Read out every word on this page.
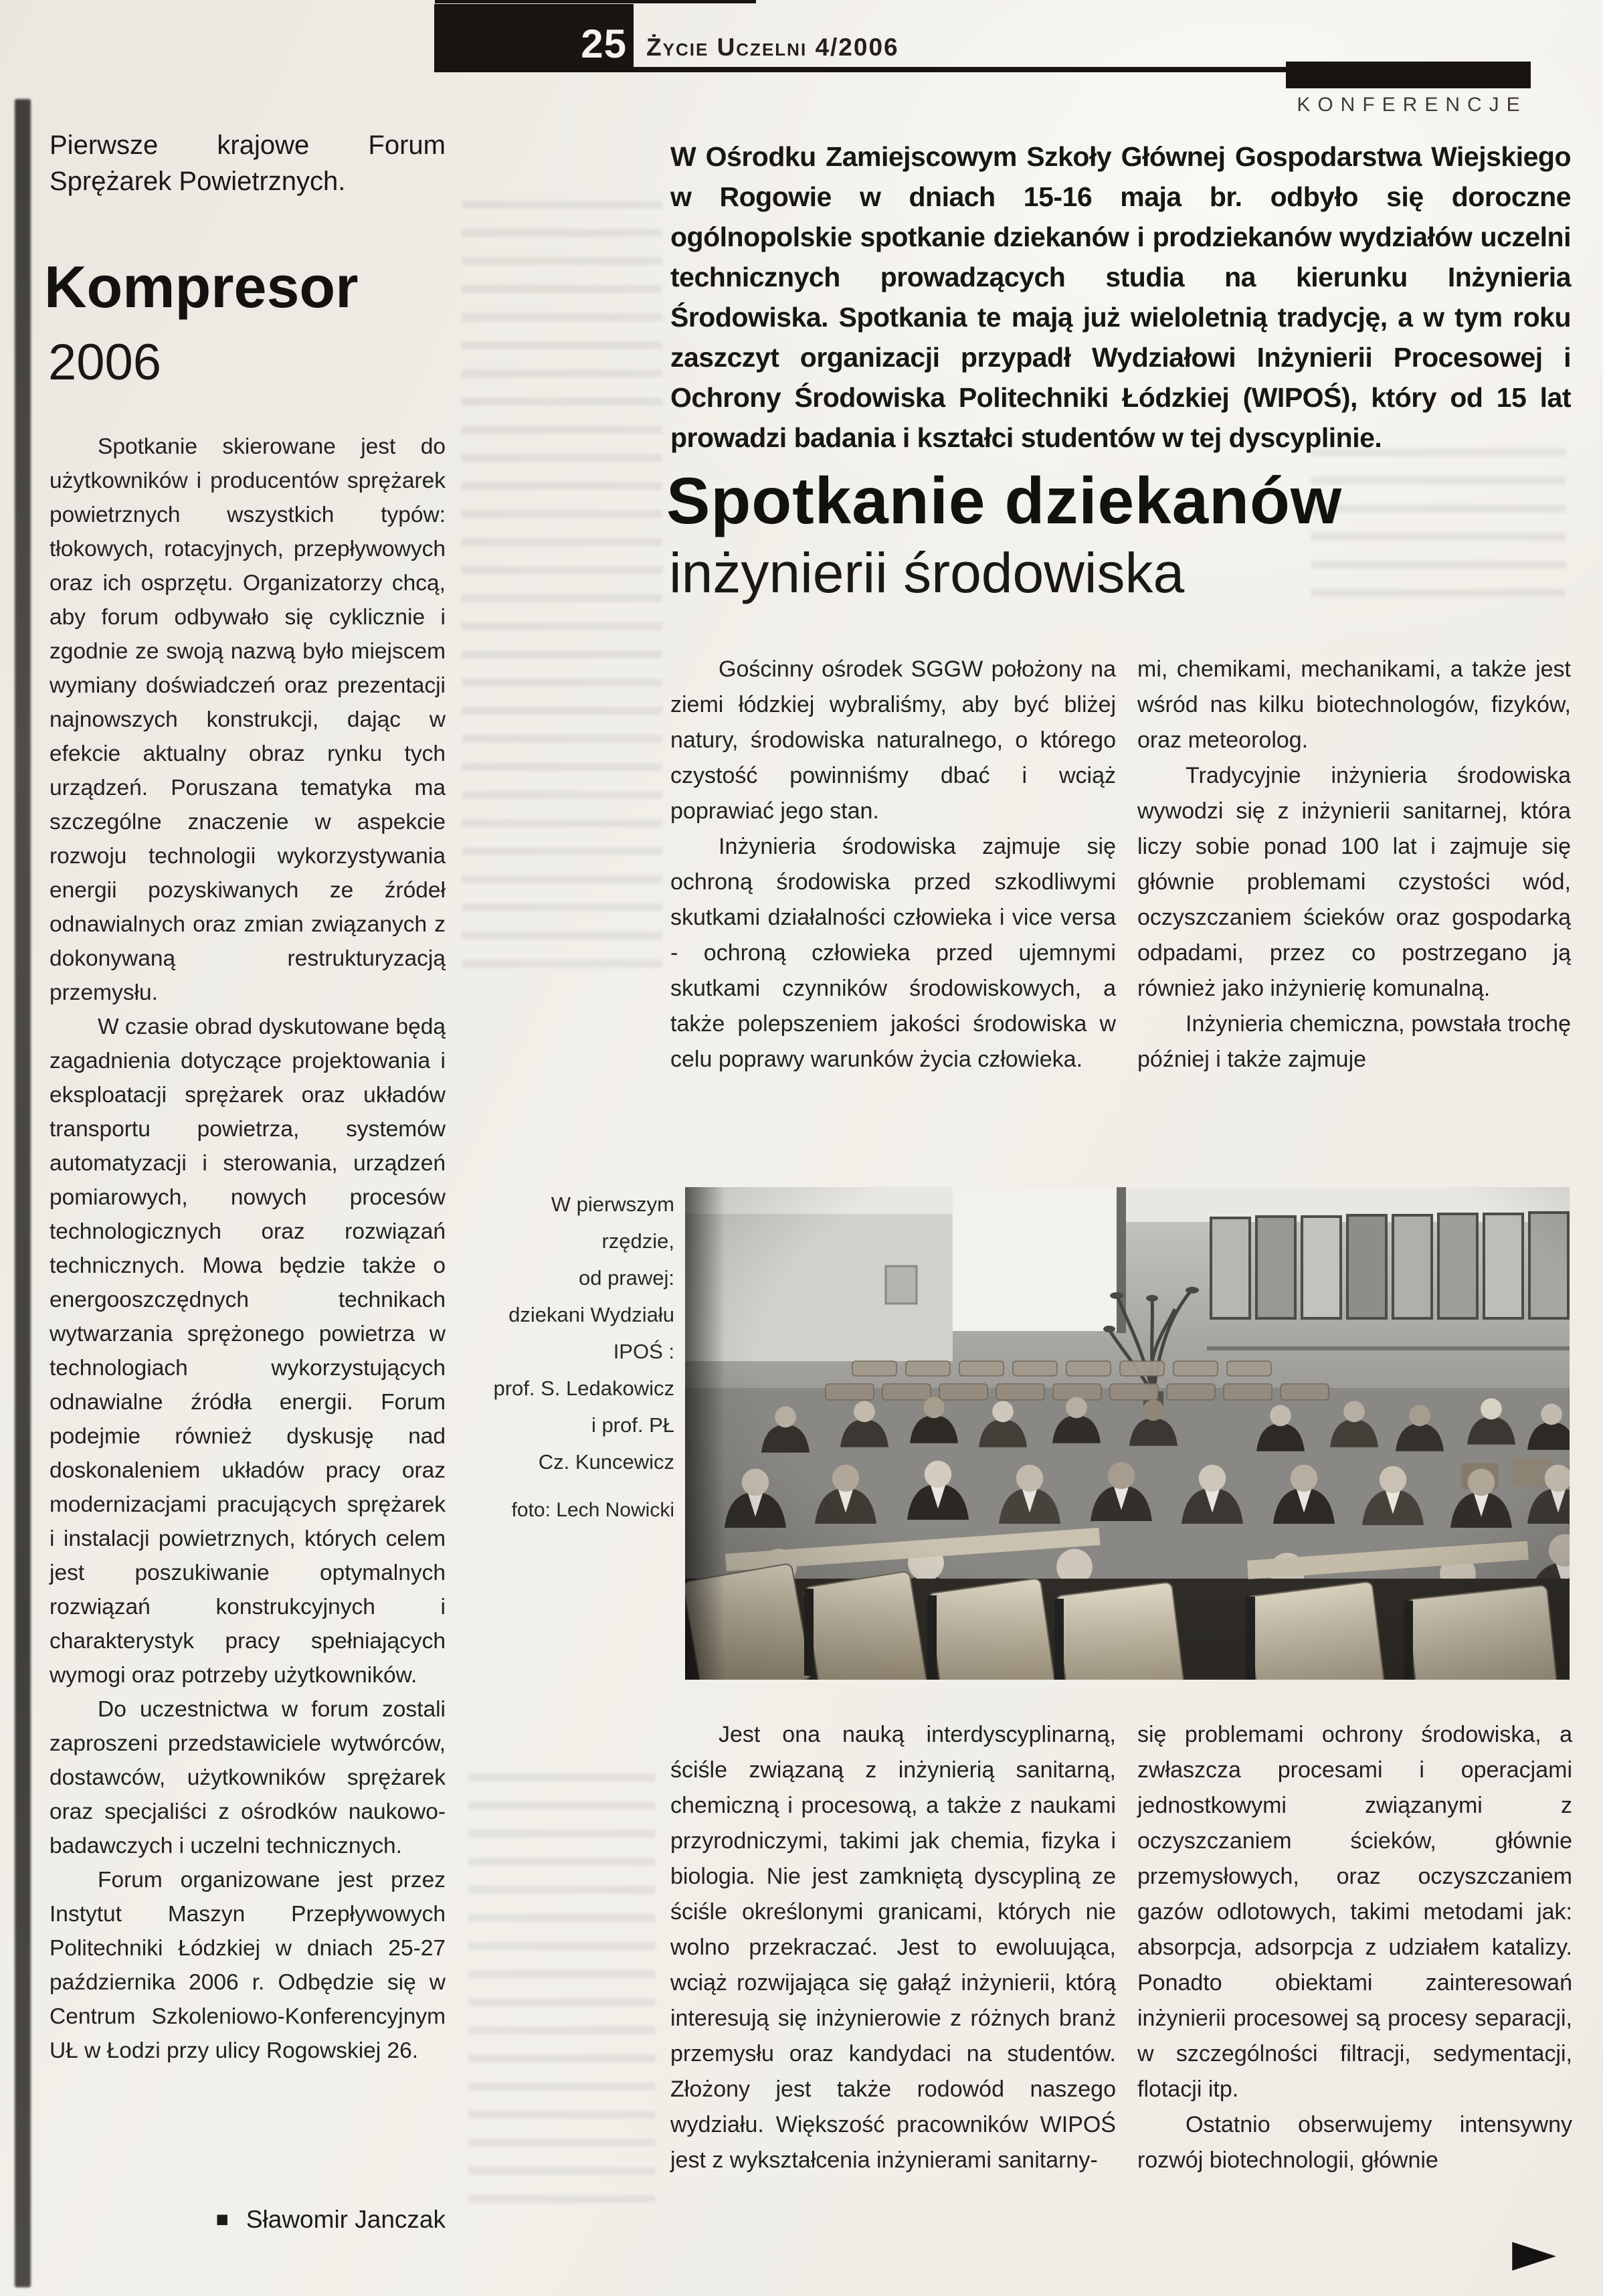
25 Życie Uczelni 4/2006
KONFERENCJE
Pierwsze krajowe Forum Sprężarek Powietrznych.
Kompresor
2006

Spotkanie skierowane jest do użytkowników i producentów sprężarek powietrznych wszystkich typów: tłokowych, rotacyjnych, przepływowych oraz ich osprzętu. Organizatorzy chcą, aby forum odbywało się cyklicznie i zgodnie ze swoją nazwą było miejscem wymiany doświadczeń oraz prezentacji najnowszych konstrukcji, dając w efekcie aktualny obraz rynku tych urządzeń. Poruszana tematyka ma szczególne znaczenie w aspekcie rozwoju technologii wykorzystywania energii pozyskiwanych ze źródeł odnawialnych oraz zmian związanych z dokonywaną restrukturyzacją przemysłu.

W czasie obrad dyskutowane będą zagadnienia dotyczące projektowania i eksploatacji sprężarek oraz układów transportu powietrza, systemów automatyzacji i sterowania, urządzeń pomiarowych, nowych procesów technologicznych oraz rozwiązań technicznych. Mowa będzie także o energooszczędnych technikach wytwarzania sprężonego powietrza w technologiach wykorzystujących odnawialne źródła energii. Forum podejmie również dyskusję nad doskonaleniem układów pracy oraz modernizacjami pracujących sprężarek i instalacji powietrznych, których celem jest poszukiwanie optymalnych rozwiązań konstrukcyjnych i charakterystyk pracy spełniających wymogi oraz potrzeby użytkowników.

Do uczestnictwa w forum zostali zaproszeni przedstawiciele wytwórców, dostawców, użytkowników sprężarek oraz specjaliści z ośrodków naukowo-badawczych i uczelni technicznych.

Forum organizowane jest przez Instytut Maszyn Przepływowych Politechniki Łódzkiej w dniach 25-27 października 2006 r. Odbędzie się w Centrum Szkoleniowo-Konferencyjnym UŁ w Łodzi przy ulicy Rogowskiej 26.

■ Sławomir Janczak
W Ośrodku Zamiejscowym Szkoły Głównej Gospodarstwa Wiejskiego w Rogowie w dniach 15-16 maja br. odbyło się doroczne ogólnopolskie spotkanie dziekanów i prodziekanów wydziałów uczelni technicznych prowadzących studia na kierunku Inżynieria Środowiska. Spotkania te mają już wieloletnią tradycję, a w tym roku zaszczyt organizacji przypadł Wydziałowi Inżynierii Procesowej i Ochrony Środowiska Politechniki Łódzkiej (WIPOŚ), który od 15 lat prowadzi badania i kształci studentów w tej dyscyplinie.
Spotkanie dziekanów
inżynierii środowiska

Gościnny ośrodek SGGW położony na ziemi łódzkiej wybraliśmy, aby być bliżej natury, środowiska naturalnego, o którego czystość powinniśmy dbać i wciąż poprawiać jego stan.

Inżynieria środowiska zajmuje się ochroną środowiska przed szkodliwymi skutkami działalności człowieka i vice versa - ochroną człowieka przed ujemnymi skutkami czynników środowiskowych, a także polepszeniem jakości środowiska w celu poprawy warunków życia człowieka.

mi, chemikami, mechanikami, a także jest wśród nas kilku biotechnologów, fizyków, oraz meteorolog.

Tradycyjnie inżynieria środowiska wywodzi się z inżynierii sanitarnej, która liczy sobie ponad 100 lat i zajmuje się głównie problemami czystości wód, oczyszczaniem ścieków oraz gospodarką odpadami, przez co postrzegano ją również jako inżynierię komunalną.

Inżynieria chemiczna, powstała trochę później i także zajmuje

W pierwszym
rzędzie,
od prawej:
dziekani Wydziału
IPOŚ :
prof. S. Ledakowicz
i prof. PŁ
Cz. Kuncewicz
foto: Lech Nowicki

Jest ona nauką interdyscyplinarną, ściśle związaną z inżynierią sanitarną, chemiczną i procesową, a także z naukami przyrodniczymi, takimi jak chemia, fizyka i biologia. Nie jest zamkniętą dyscypliną ze ściśle określonymi granicami, których nie wolno przekraczać. Jest to ewoluująca, wciąż rozwijająca się gałąź inżynierii, którą interesują się inżynierowie z różnych branż przemysłu oraz kandydaci na studentów. Złożony jest także rodowód naszego wydziału. Większość pracowników WIPOŚ jest z wykształcenia inżynierami sanitarny-

się problemami ochrony środowiska, a zwłaszcza procesami i operacjami jednostkowymi związanymi z oczyszczaniem ścieków, głównie przemysłowych, oraz oczyszczaniem gazów odlotowych, takimi metodami jak: absorpcja, adsorpcja z udziałem katalizy. Ponadto obiektami zainteresowań inżynierii procesowej są procesy separacji, w szczególności filtracji, sedymentacji, flotacji itp.

Ostatnio obserwujemy intensywny rozwój biotechnologii, głównie

►
